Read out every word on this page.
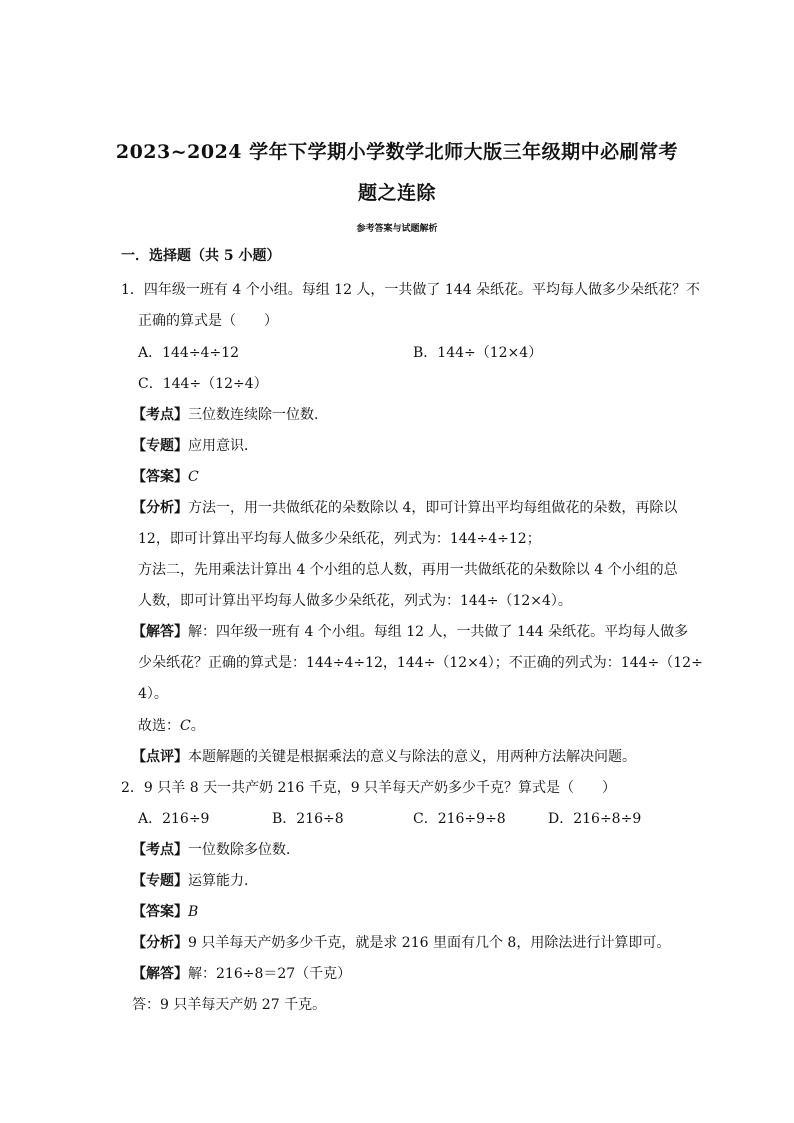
2023~2024 学年下学期小学数学北师大版三年级期中必刷常考
题之连除
参考答案与试题解析
一．选择题（共 5 小题）
1．四年级一班有 4 个小组。每组 12 人，一共做了 144 朵纸花。平均每人做多少朵纸花？不
正确的算式是（　　）
A．144÷4÷12	B．144÷（12×4）
C．144÷（12÷4）
【考点】三位数连续除一位数．
【专题】应用意识．
【答案】C
【分析】方法一，用一共做纸花的朵数除以 4，即可计算出平均每组做花的朵数，再除以
12，即可计算出平均每人做多少朵纸花，列式为：144÷4÷12；
方法二，先用乘法计算出 4 个小组的总人数，再用一共做纸花的朵数除以 4 个小组的总
人数，即可计算出平均每人做多少朵纸花，列式为：144÷（12×4）。
【解答】解：四年级一班有 4 个小组。每组 12 人，一共做了 144 朵纸花。平均每人做多
少朵纸花？正确的算式是：144÷4÷12，144÷（12×4）；不正确的列式为：144÷（12÷
4）。
故选：C。
【点评】本题解题的关键是根据乘法的意义与除法的意义，用两种方法解决问题。
2．9 只羊 8 天一共产奶 216 千克，9 只羊每天产奶多少千克？算式是（　　）
A．216÷9	B．216÷8	C．216÷9÷8	D．216÷8÷9
【考点】一位数除多位数．
【专题】运算能力．
【答案】B
【分析】9 只羊每天产奶多少千克，就是求 216 里面有几个 8，用除法进行计算即可。
【解答】解：216÷8＝27（千克）
答：9 只羊每天产奶 27 千克。
